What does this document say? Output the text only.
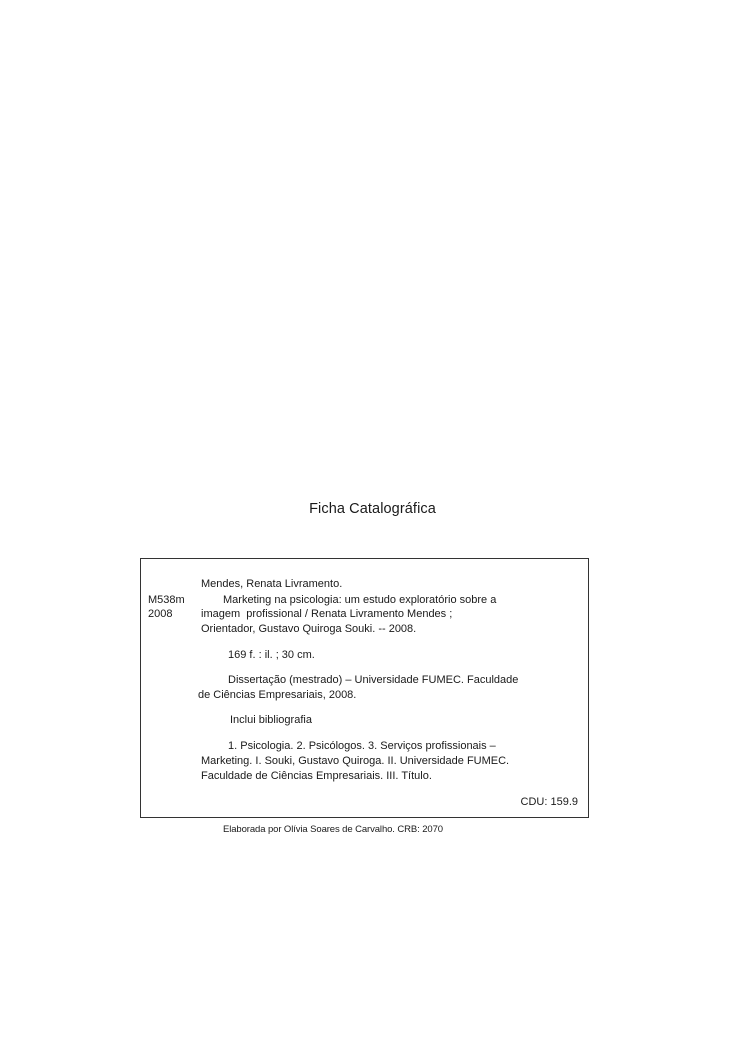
Ficha Catalográfica
Mendes, Renata Livramento.
M538m
2008
Marketing na psicologia: um estudo exploratório sobre a
imagem  profissional / Renata Livramento Mendes ;
Orientador, Gustavo Quiroga Souki. -- 2008.
169 f. : il. ; 30 cm.
Dissertação (mestrado) – Universidade FUMEC. Faculdade
de Ciências Empresariais, 2008.
Inclui bibliografia
1. Psicologia. 2. Psicólogos. 3. Serviços profissionais –
Marketing. I. Souki, Gustavo Quiroga. II. Universidade FUMEC.
Faculdade de Ciências Empresariais. III. Título.
CDU: 159.9
Elaborada por Olívia Soares de Carvalho. CRB: 2070
